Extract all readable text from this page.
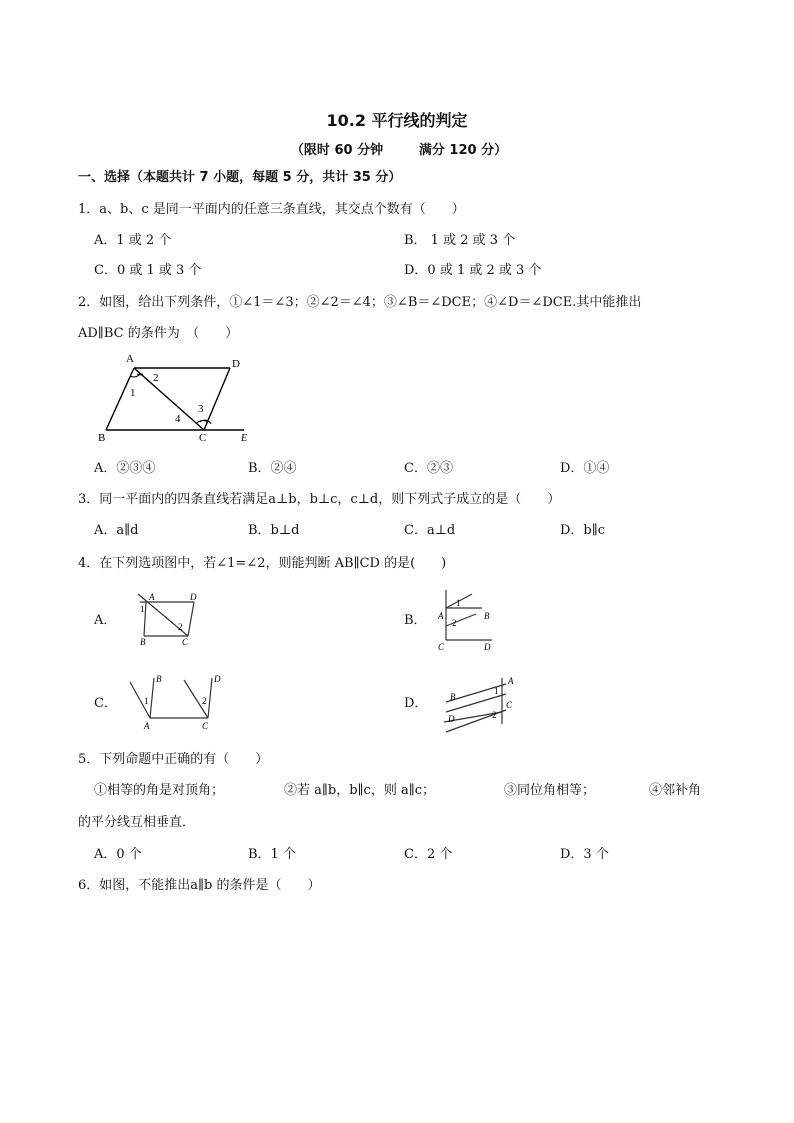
10.2 平行线的判定
（限时 60 分钟	满分 120 分）
一、选择（本题共计 7 小题，每题 5 分，共计 35 分）
1．a、b、c 是同一平面内的任意三条直线，其交点个数有（　　）
A．1 或 2 个	B． 1 或 2 或 3 个
C．0 或 1 或 3 个	D．0 或 1 或 2 或 3 个
2．如图，给出下列条件，①∠1＝∠3；②∠2＝∠4；③∠B＝∠DCE；④∠D＝∠DCE.其中能推出
AD∥BC 的条件为　（　　）
A	D
B	C	E
1
2
3
4
A．②③④	B．②④	C．②③	D．①④
3．同一平面内的四条直线若满足a⊥b，b⊥c，c⊥d，则下列式子成立的是（　　）
A．a∥d	B．b⊥d	C．a⊥d	D．b∥c
4．在下列选项图中，若∠1=∠2，则能判断 AB∥CD 的是(　　)
A．
A	D
B	C
1
2	B． A	B
C	D
1
2
C．
B	D
A	C
1	2	D．
A
B
C
D
1
2
5．下列命题中正确的有（　　）
①相等的角是对顶角；	②若 a∥b，b∥c，则 a∥c；	③同位角相等；	④邻补角
的平分线互相垂直．
A．0 个	B．1 个	C．2 个	D．3 个
6．如图，不能推出a∥b 的条件是（　　）
